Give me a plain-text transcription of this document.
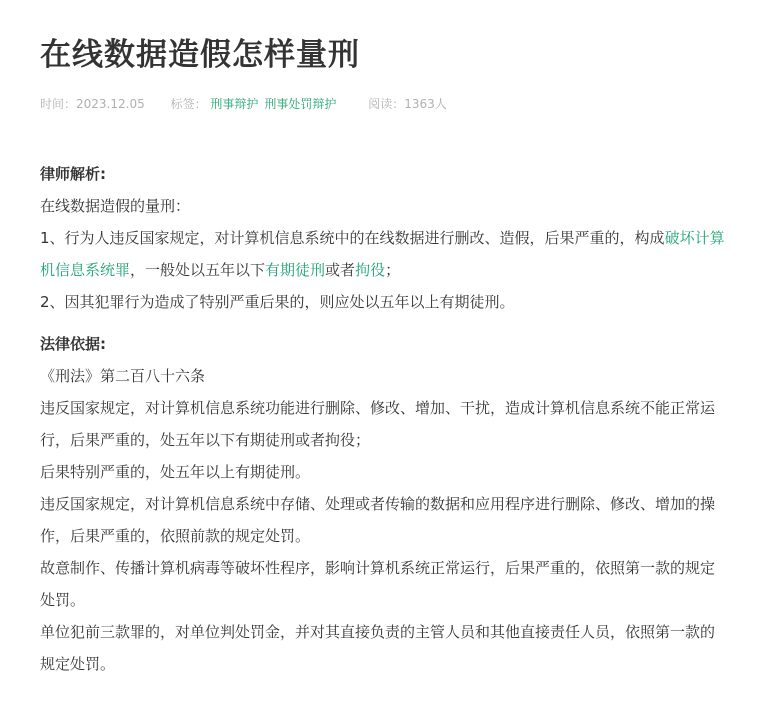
在线数据造假怎样量刑
时间：2023.12.05 标签： 刑事辩护 刑事处罚辩护	阅读：1363人
律师解析:

在线数据造假的量刑：

1、行为人违反国家规定，对计算机信息系统中的在线数据进行删改、造假，后果严重的，构成破坏计算机信息系统罪，一般处以五年以下有期徒刑或者拘役；

2、因其犯罪行为造成了特别严重后果的，则应处以五年以上有期徒刑。

法律依据:

《刑法》第二百八十六条

违反国家规定，对计算机信息系统功能进行删除、修改、增加、干扰，造成计算机信息系统不能正常运行，后果严重的，处五年以下有期徒刑或者拘役；

后果特别严重的，处五年以上有期徒刑。

违反国家规定，对计算机信息系统中存储、处理或者传输的数据和应用程序进行删除、修改、增加的操作，后果严重的，依照前款的规定处罚。

故意制作、传播计算机病毒等破坏性程序，影响计算机系统正常运行，后果严重的，依照第一款的规定处罚。

单位犯前三款罪的，对单位判处罚金，并对其直接负责的主管人员和其他直接责任人员，依照第一款的规定处罚。
